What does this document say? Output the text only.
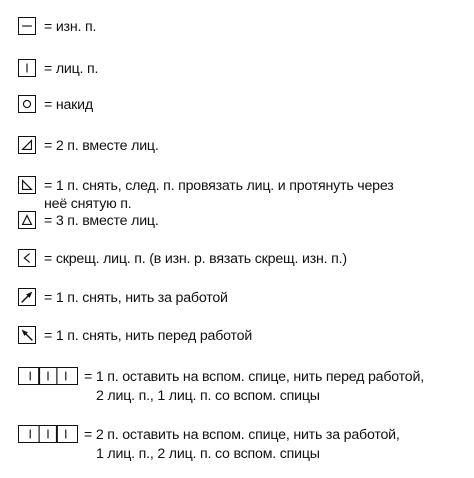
= изн. п.
= лиц. п.
= накид
= 2 п. вместе лиц.
= 1 п. снять, след. п. провязать лиц. и протянуть через
неё снятую п.
= 3 п. вместе лиц.
= скрещ. лиц. п. (в изн. р. вязать скрещ. изн. п.)
= 1 п. снять, нить за работой
= 1 п. снять, нить перед работой
= 1 п. оставить на вспом. спице, нить перед работой,
2 лиц. п., 1 лиц. п. со вспом. спицы
= 2 п. оставить на вспом. спице, нить за работой,
1 лиц. п., 2 лиц. п. со вспом. спицы
